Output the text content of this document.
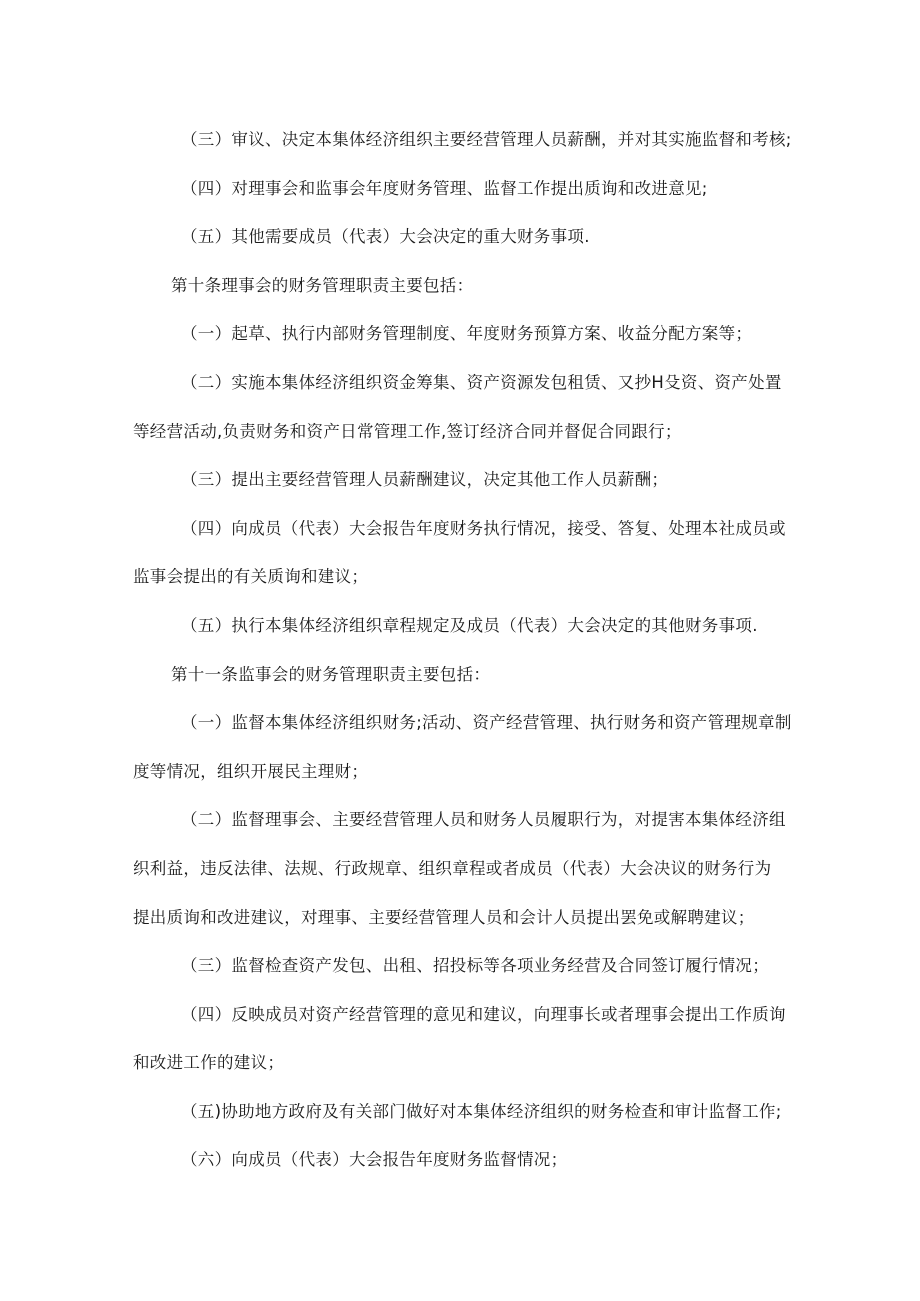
（三）审议、决定本集体经济组织主要经营管理人员薪酬，并对其实施监督和考核;

（四）对理事会和监事会年度财务管理、监督工作提出质询和改进意见;

（五）其他需要成员（代表）大会决定的重大财务事项.

第十条理事会的财务管理职责主要包括：

（一）起草、执行内部财务管理制度、年度财务预算方案、收益分配方案等；

（二）实施本集体经济组织资金筹集、资产资源发包租赁、又抄H殳资、资产处置

等经营活动,负责财务和资产日常管理工作,签订经济合同并督促合同跟行；

（三）提出主要经营管理人员薪酬建议，决定其他工作人员薪酬；

（四）向成员（代表）大会报告年度财务执行情况，接受、答复、处理本社成员或

监事会提出的有关质询和建议；

（五）执行本集体经济组织章程规定及成员（代表）大会决定的其他财务事项.

第十一条监事会的财务管理职责主要包括：

（一）监督本集体经济组织财务;活动、资产经营管理、执行财务和资产管理规章制

度等情况，组织开展民主理财；

（二）监督理事会、主要经营管理人员和财务人员履职行为，对提害本集体经济组

织利益，违反法律、法规、行政规章、组织章程或者成员（代表）大会决议的财务行为

提出质询和改进建议，对理事、主要经营管理人员和会计人员提出罢免或解聘建议；

（三）监督检查资产发包、出租、招投标等各项业务经营及合同签订履行情况；

（四）反映成员对资产经营管理的意见和建议，向理事长或者理事会提出工作质询

和改进工作的建议；

（五)协助地方政府及有关部门做好对本集体经济组织的财务检查和审计监督工作;

（六）向成员（代表）大会报告年度财务监督情况；
